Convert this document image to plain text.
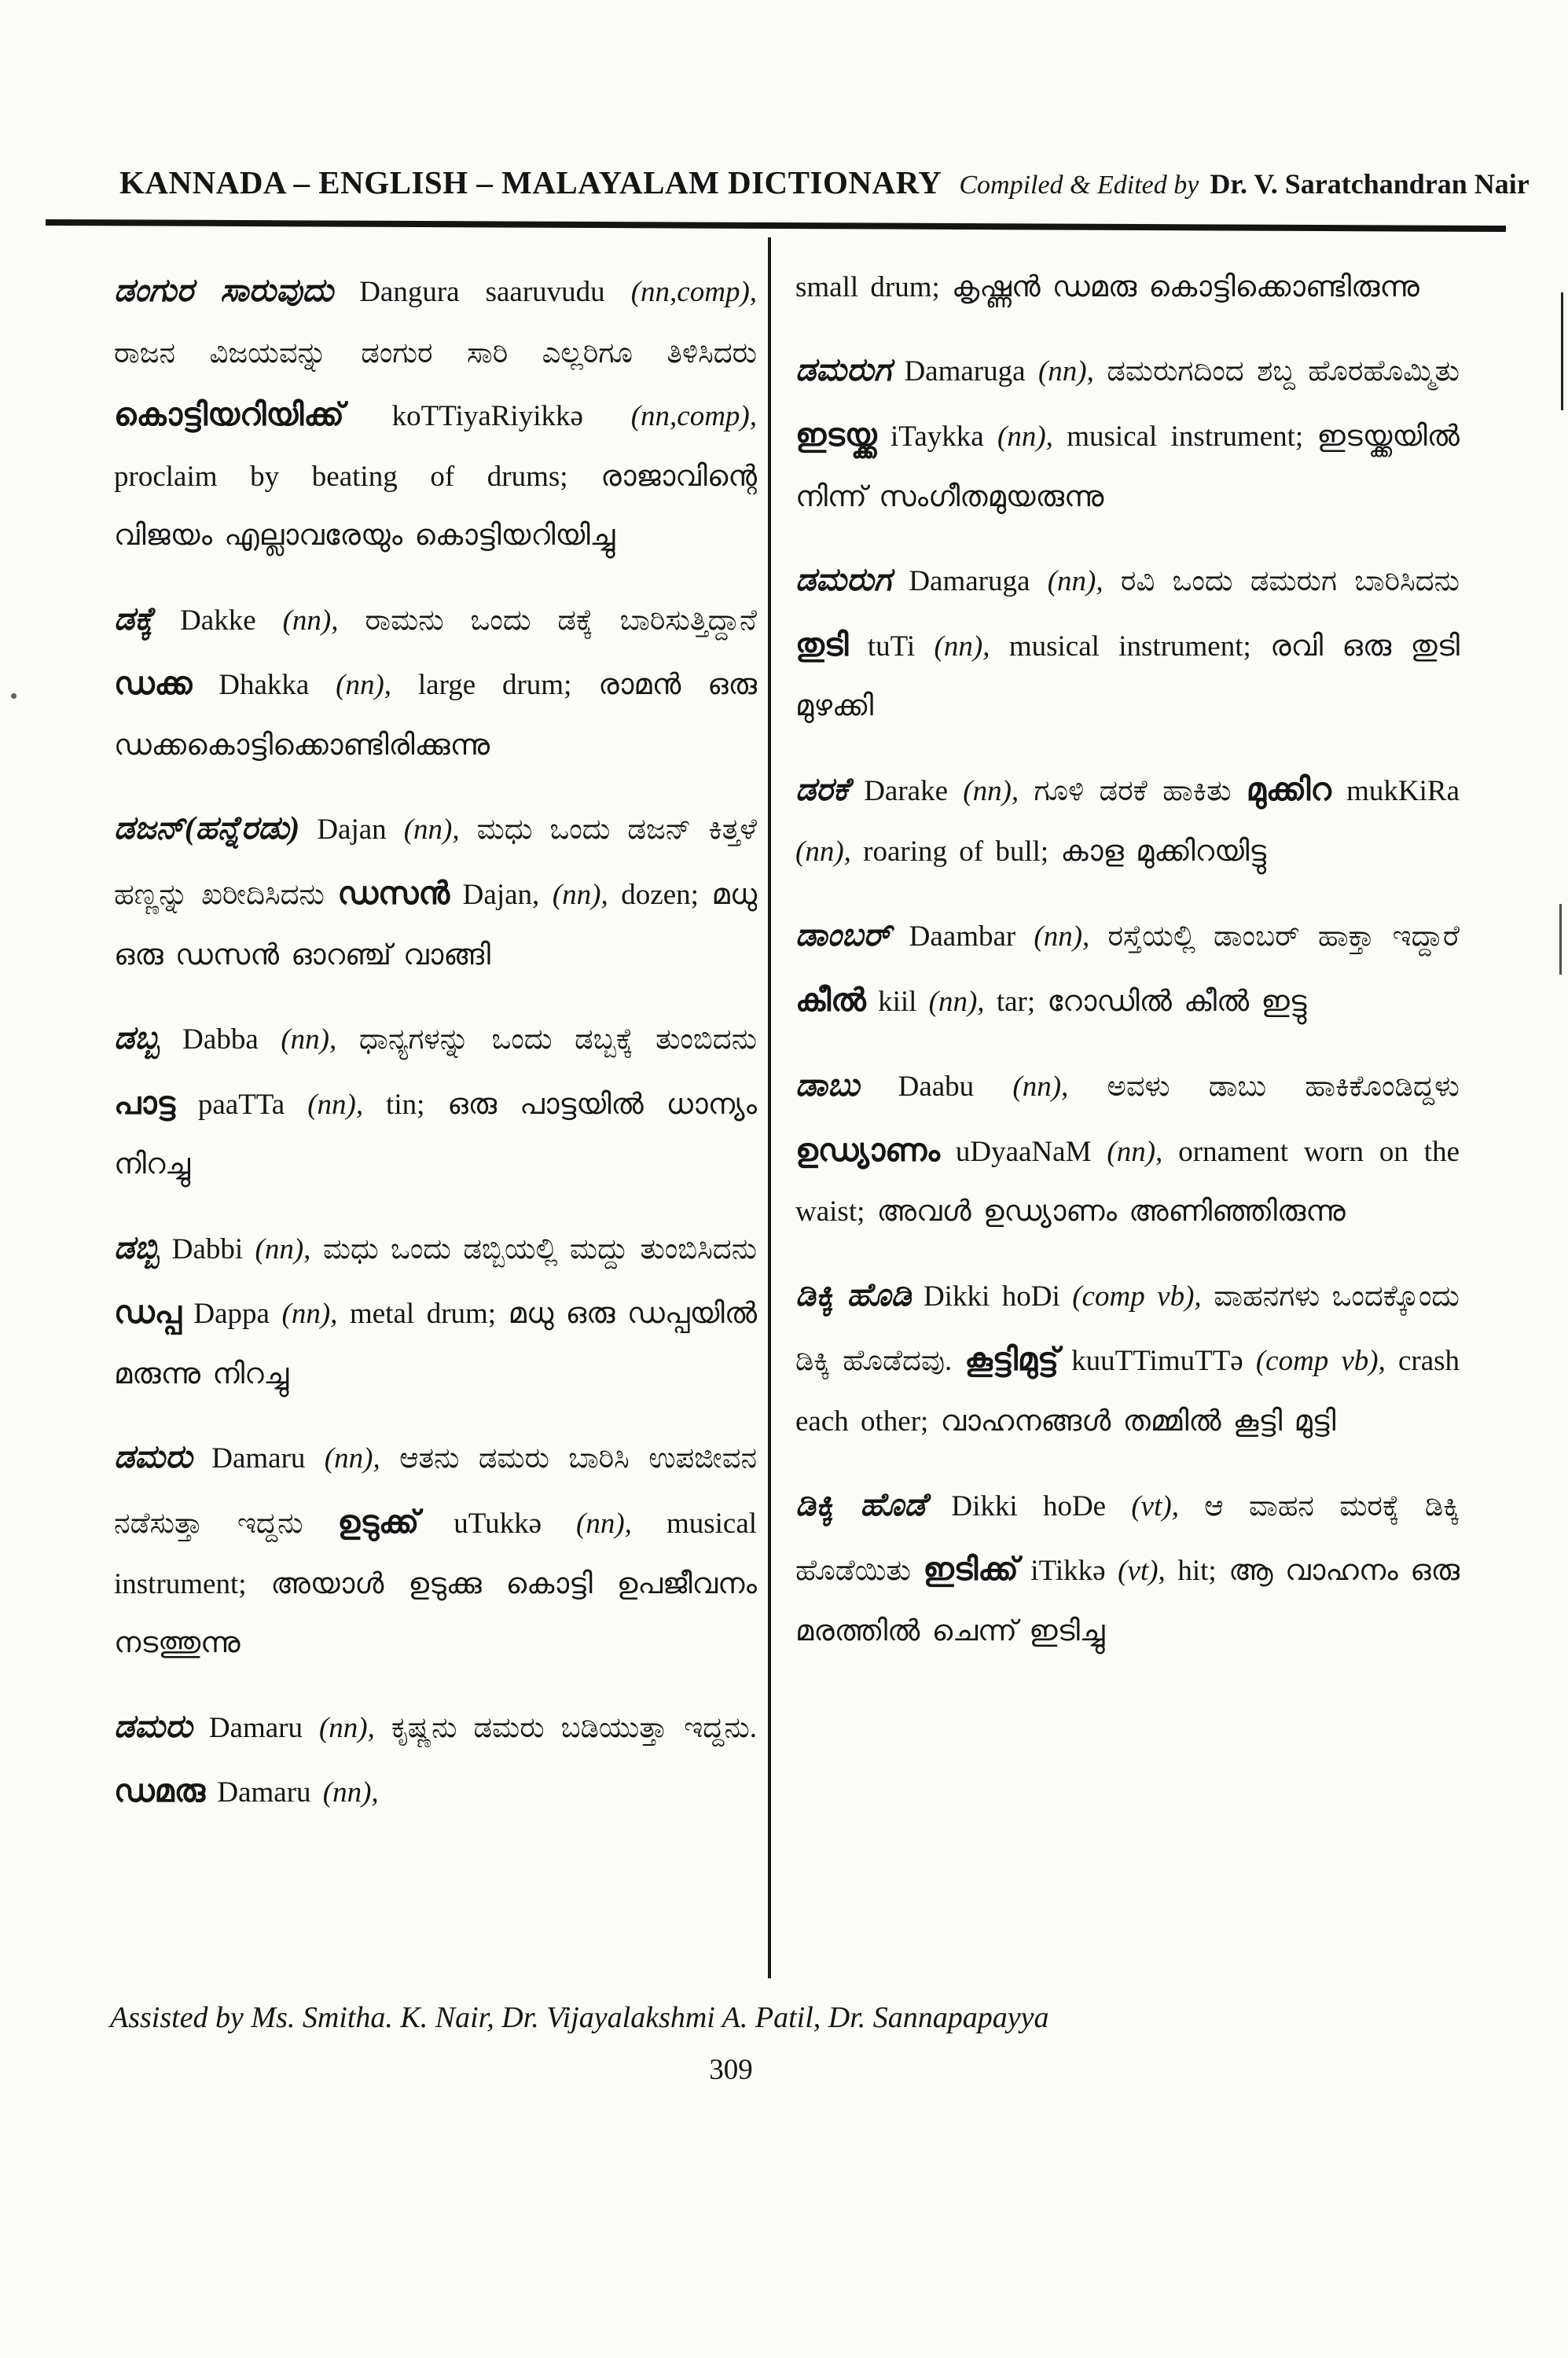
KANNADA – ENGLISH – MALAYALAM DICTIONARY Compiled & Edited by Dr. V. Saratchandran Nair

ಡಂಗುರ ಸಾರುವುದು Dangura saaruvudu (nn,comp), ರಾಜನ ವಿಜಯವನ್ನು ಡಂಗುರ ಸಾರಿ ಎಲ್ಲರಿಗೂ ತಿಳಿಸಿದರು കൊട്ടിയറിയിക്ക് koTTiyaRiyikkə (nn,comp), proclaim by beating of drums; രാജാവിന്റെ വിജയം എല്ലാവരേയും കൊട്ടിയറിയിച്ചു

ಡಕ್ಕೆ Dakke (nn), ರಾಮನು ಒಂದು ಡಕ್ಕೆ ಬಾರಿಸುತ್ತಿದ್ದಾನೆ ഡക്ക Dhakka (nn), large drum; രാമൻ ഒരു ഡക്കകൊട്ടിക്കൊണ്ടിരിക്കുന്നു

ಡಜನ್(ಹನ್ನೆರಡು) Dajan (nn), ಮಧು ಒಂದು ಡಜನ್ ಕಿತ್ತಳೆ ಹಣ್ಣನ್ನು ಖರೀದಿಸಿದನು ഡസൻ Dajan, (nn), dozen; മധു ഒരു ഡസൻ ഓറഞ്ച് വാങ്ങി

ಡಬ್ಬ Dabba (nn), ಧಾನ್ಯಗಳನ್ನು ಒಂದು ಡಬ್ಬಕ್ಕೆ ತುಂಬಿದನು പാട്ട paaTTa (nn), tin; ഒരു പാട്ടയിൽ ധാന്യം നിറച്ചു

ಡಬ್ಬಿ Dabbi (nn), ಮಧು ಒಂದು ಡಬ್ಬಿಯಲ್ಲಿ ಮದ್ದು ತುಂಬಿಸಿದನು ഡപ്പ Dappa (nn), metal drum; മധു ഒരു ഡപ്പയിൽ മരുന്നു നിറച്ചു

ಡಮರು Damaru (nn), ಆತನು ಡಮರು ಬಾರಿಸಿ ಉಪಜೀವನ ನಡೆಸುತ್ತಾ ಇದ್ದನು ഉടുക്ക് uTukkə (nn), musical instrument; അയാൾ ഉടുക്കു കൊട്ടി ഉപജീവനം നടത്തുന്നു

ಡಮರು Damaru (nn), ಕೃಷ್ಣನು ಡಮರು ಬಡಿಯುತ್ತಾ ಇದ್ದನು. ഡമരു Damaru (nn),

small drum; കൃഷ്ണൻ ഡമരു കൊട്ടിക്കൊണ്ടിരുന്നു

ಡಮರುಗ Damaruga (nn), ಡಮರುಗದಿಂದ ಶಬ್ದ ಹೊರಹೊಮ್ಮಿತು ഇടയ്ക്ക iTaykka (nn), musical instrument; ഇടയ്ക്കയിൽ നിന്ന് സംഗീതമുയരുന്നു

ಡಮರುಗ Damaruga (nn), ರವಿ ಒಂದು ಡಮರುಗ ಬಾರಿಸಿದನು തുടി tuTi (nn), musical instrument; രവി ഒരു തുടി മുഴക്കി

ಡರಕೆ Darake (nn), ಗೂಳಿ ಡರಕೆ ಹಾಕಿತು മുക്കിറ mukKiRa (nn), roaring of bull; കാള മുക്കിറയിട്ടു

ಡಾಂಬರ್ Daambar (nn), ರಸ್ತೆಯಲ್ಲಿ ಡಾಂಬರ್ ಹಾಕ್ತಾ ಇದ್ದಾರೆ കീൽ kiil (nn), tar; റോഡിൽ കീൽ ഇട്ടു

ಡಾಬು Daabu (nn), ಅವಳು ಡಾಬು ಹಾಕಿಕೊಂಡಿದ್ದಳು ഉഡ്യാണം uDyaaNaM (nn), ornament worn on the waist; അവൾ ഉഡ്യാണം അണിഞ്ഞിരുന്നു

ಡಿಕ್ಕಿ ಹೊಡಿ Dikki hoDi (comp vb), ವಾಹನಗಳು ಒಂದಕ್ಕೊಂದು ಡಿಕ್ಕಿ ಹೊಡೆದವು. കൂട്ടിമുട്ട് kuuTTimuTTə (comp vb), crash each other; വാഹനങ്ങൾ തമ്മിൽ കൂട്ടി മുട്ടി

ಡಿಕ್ಕಿ ಹೊಡೆ Dikki hoDe (vt), ಆ ವಾಹನ ಮರಕ್ಕೆ ಡಿಕ್ಕಿ ಹೊಡೆಯಿತು ഇടിക്ക് iTikkə (vt), hit; ആ വാഹനം ഒരു മരത്തിൽ ചെന്ന് ഇടിച്ചു

Assisted by Ms. Smitha. K. Nair, Dr. Vijayalakshmi A. Patil, Dr. Sannapapayya
309
